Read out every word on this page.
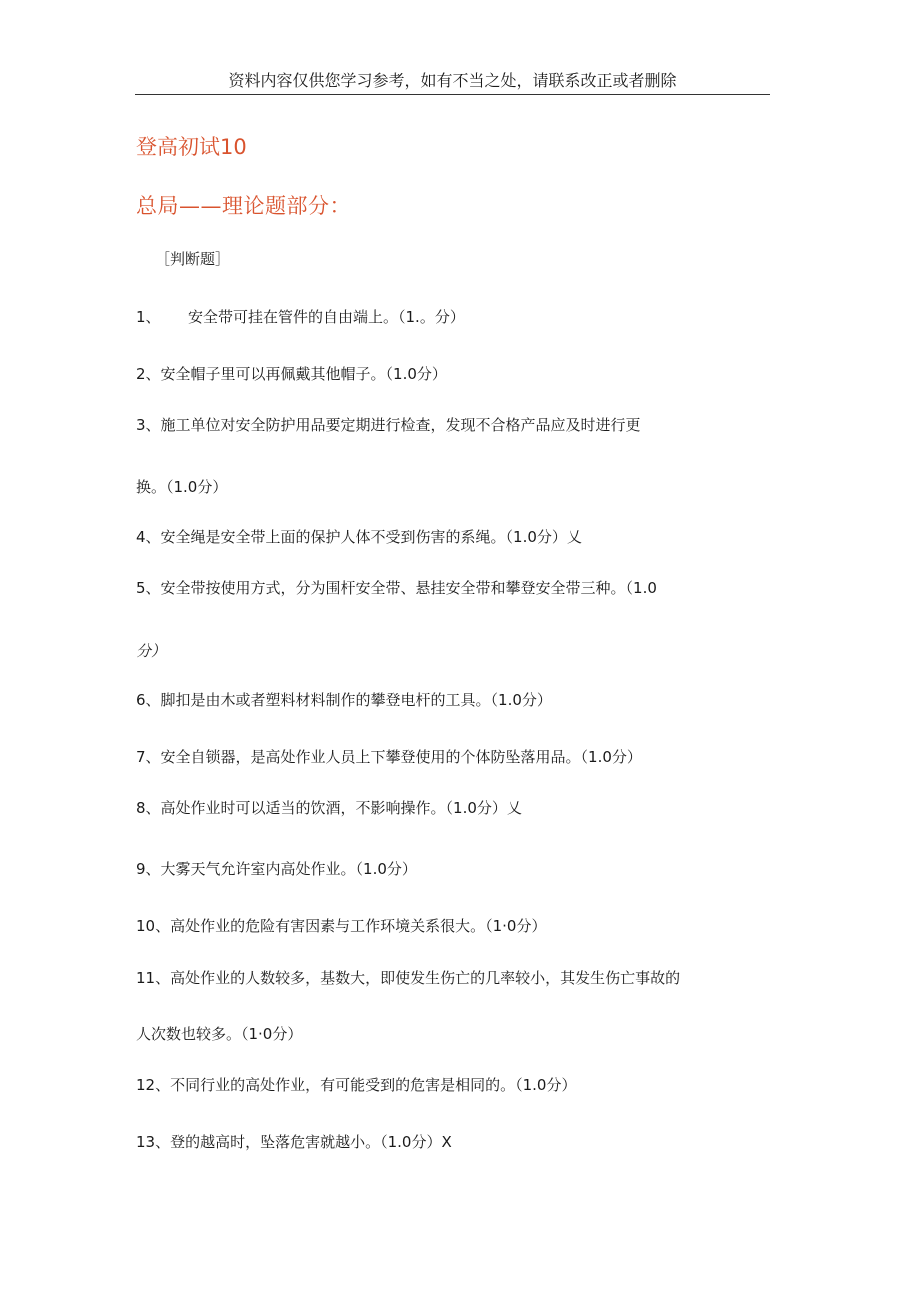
资料内容仅供您学习参考，如有不当之处，请联系改正或者删除
登高初试10
总局——理论题部分：
［判断题］
1、 安全带可挂在管件的自由端上。（1.。分）
2、安全帽子里可以再佩戴其他帽子。（1.0分）
3、施工单位对安全防护用品要定期进行检查，发现不合格产品应及时进行更
换。（1.0分）
4、安全绳是安全带上面的保护人体不受到伤害的系绳。（1.0分）乂
5、安全带按使用方式，分为围杆安全带、悬挂安全带和攀登安全带三种。（1.0
分）
6、脚扣是由木或者塑料材料制作的攀登电杆的工具。（1.0分）
7、安全自锁器，是高处作业人员上下攀登使用的个体防坠落用品。（1.0分）
8、高处作业时可以适当的饮酒，不影响操作。（1.0分）乂
9、大雾天气允许室内高处作业。（1.0分）
10、高处作业的危险有害因素与工作环境关系很大。（1·0分）
11、高处作业的人数较多，基数大，即使发生伤亡的几率较小，其发生伤亡事故的
人次数也较多。（1·0分）
12、不同行业的高处作业，有可能受到的危害是相同的。（1.0分）
13、登的越高时，坠落危害就越小。（1.0分）X
